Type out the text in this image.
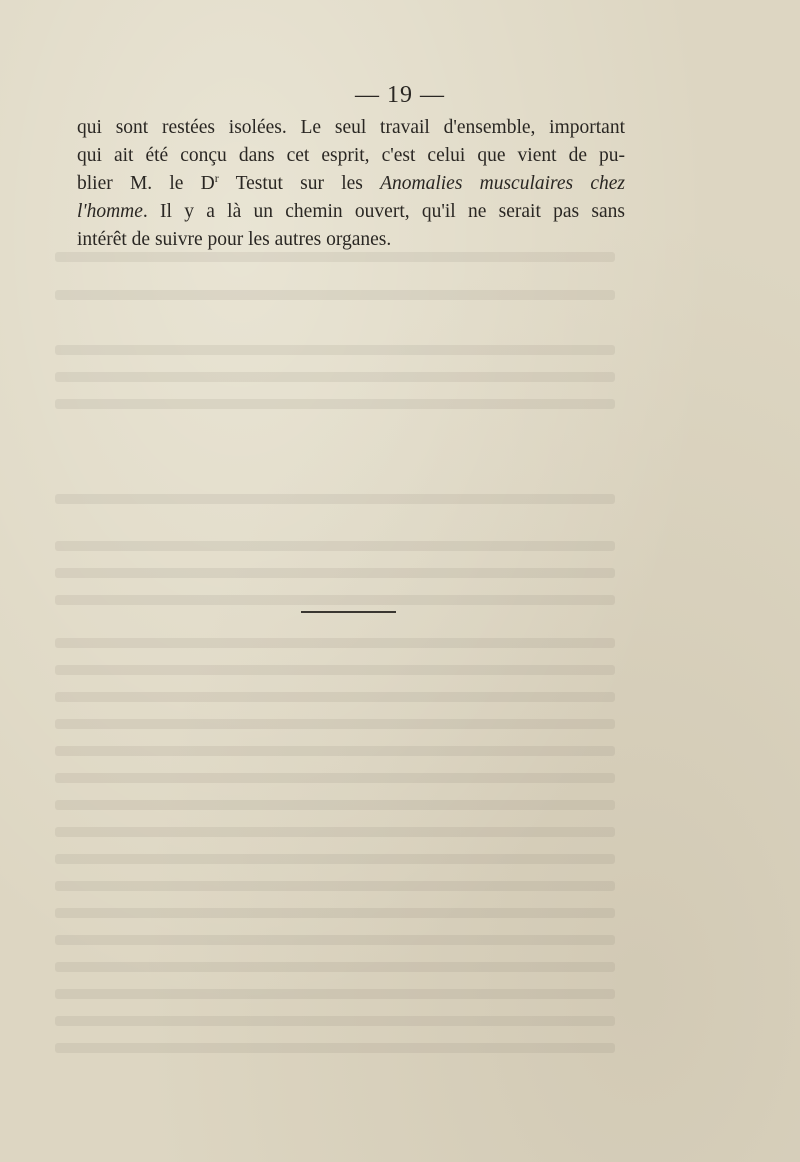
— 19 —
qui sont restées isolées. Le seul travail d'ensemble, important
qui ait été conçu dans cet esprit, c'est celui que vient de pu-
blier M. le $D^r$ Testut sur les Anomalies musculaires chez
l'homme. Il y a là un chemin ouvert, qu'il ne serait pas sans
intérêt de suivre pour les autres organes.
